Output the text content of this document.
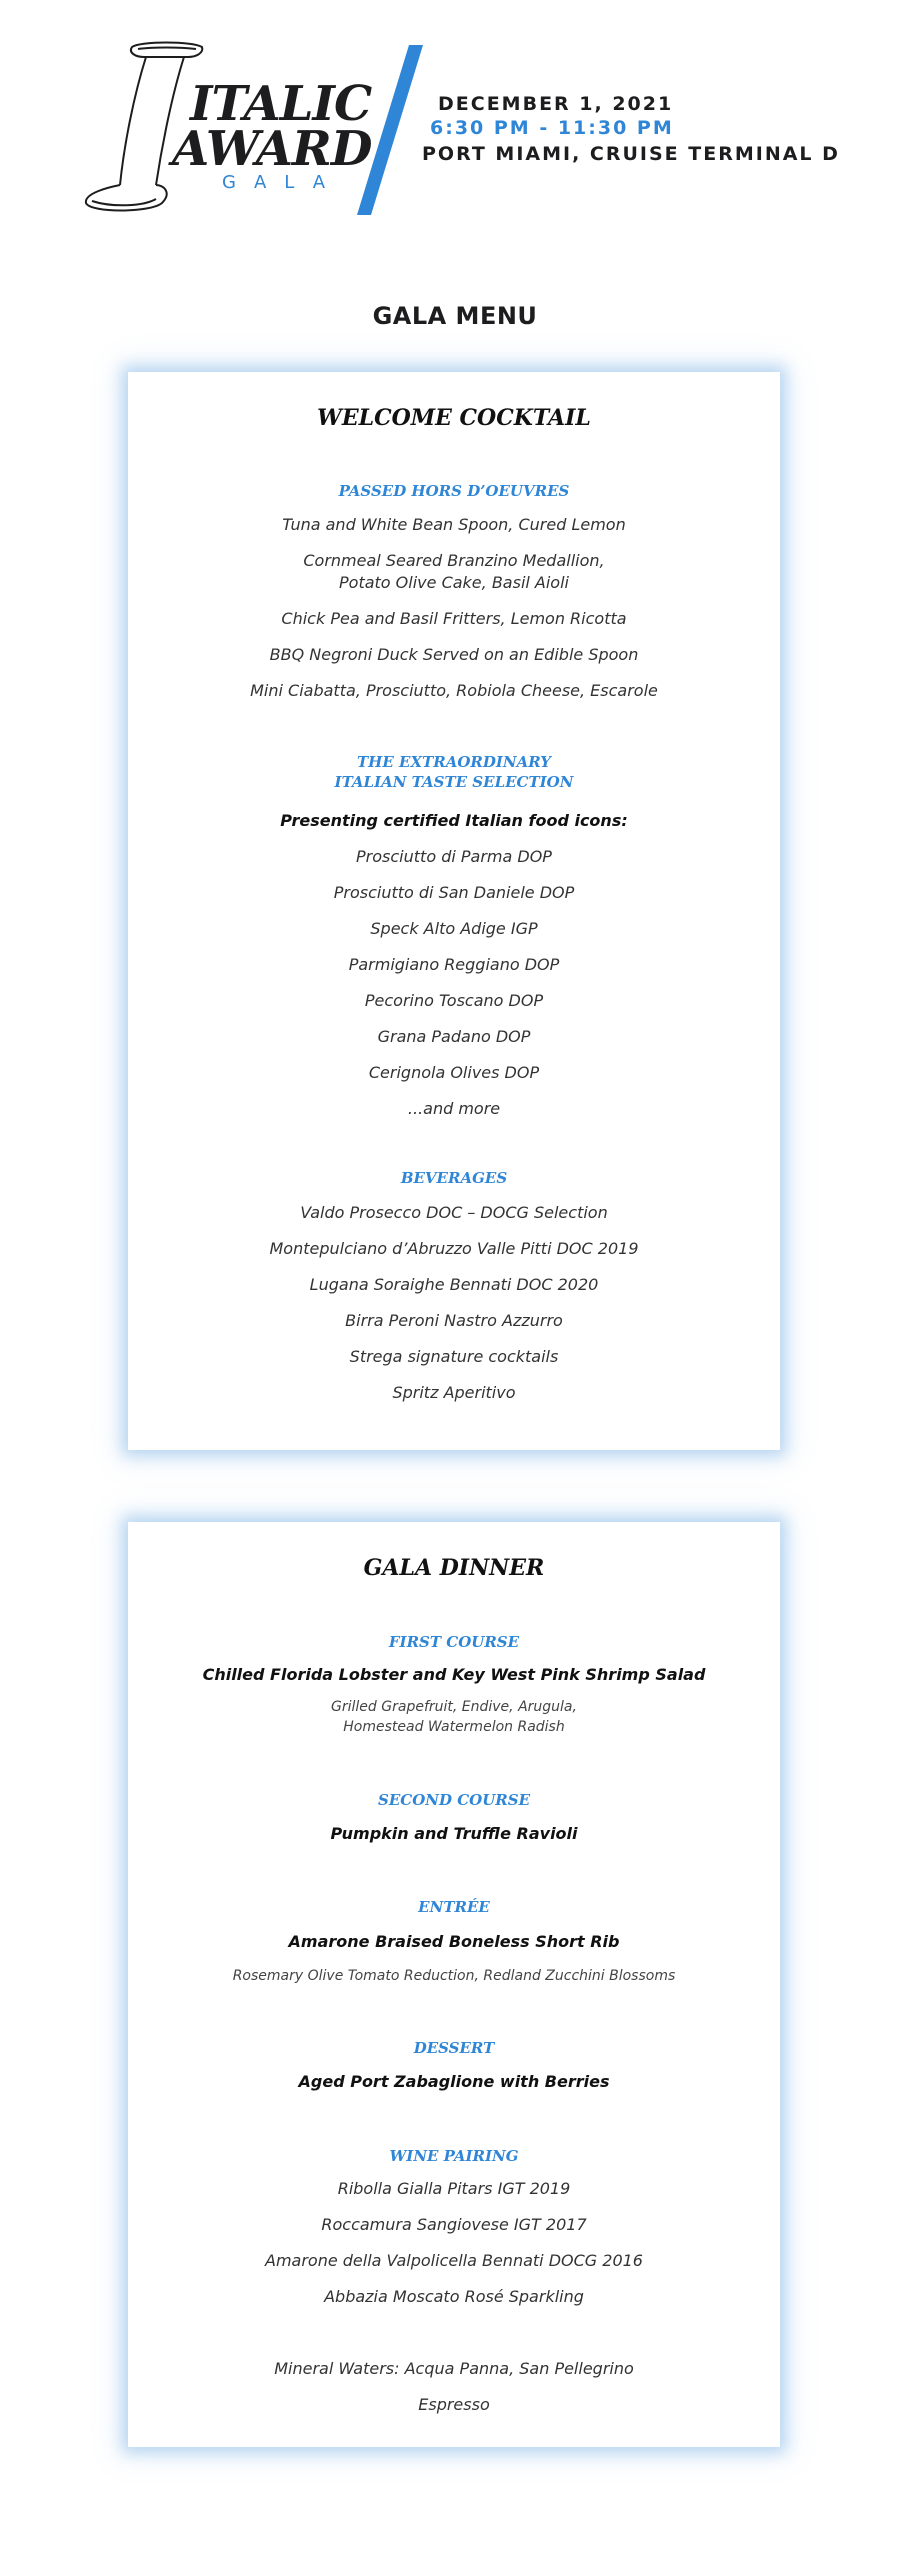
ITALIC
AWARD
GALA
DECEMBER 1, 2021
6:30 PM - 11:30 PM
PORT MIAMI, CRUISE TERMINAL D
GALA MENU

WELCOME COCKTAIL

PASSED HORS D’OEUVRES

Tuna and White Bean Spoon, Cured Lemon

Cornmeal Seared Branzino Medallion,

Potato Olive Cake, Basil Aioli

Chick Pea and Basil Fritters, Lemon Ricotta

BBQ Negroni Duck Served on an Edible Spoon

Mini Ciabatta, Prosciutto, Robiola Cheese, Escarole

THE EXTRAORDINARY

ITALIAN TASTE SELECTION

Presenting certified Italian food icons:

Prosciutto di Parma DOP

Prosciutto di San Daniele DOP

Speck Alto Adige IGP

Parmigiano Reggiano DOP

Pecorino Toscano DOP

Grana Padano DOP

Cerignola Olives DOP

...and more

BEVERAGES

Valdo Prosecco DOC – DOCG Selection

Montepulciano d’Abruzzo Valle Pitti DOC 2019

Lugana Soraighe Bennati DOC 2020

Birra Peroni Nastro Azzurro

Strega signature cocktails

Spritz Aperitivo

GALA DINNER

FIRST COURSE

Chilled Florida Lobster and Key West Pink Shrimp Salad

Grilled Grapefruit, Endive, Arugula,

Homestead Watermelon Radish

SECOND COURSE

Pumpkin and Truffle Ravioli

ENTRÉE

Amarone Braised Boneless Short Rib

Rosemary Olive Tomato Reduction, Redland Zucchini Blossoms

DESSERT

Aged Port Zabaglione with Berries

WINE PAIRING

Ribolla Gialla Pitars IGT 2019

Roccamura Sangiovese IGT 2017

Amarone della Valpolicella Bennati DOCG 2016

Abbazia Moscato Rosé Sparkling

Mineral Waters: Acqua Panna, San Pellegrino

Espresso
